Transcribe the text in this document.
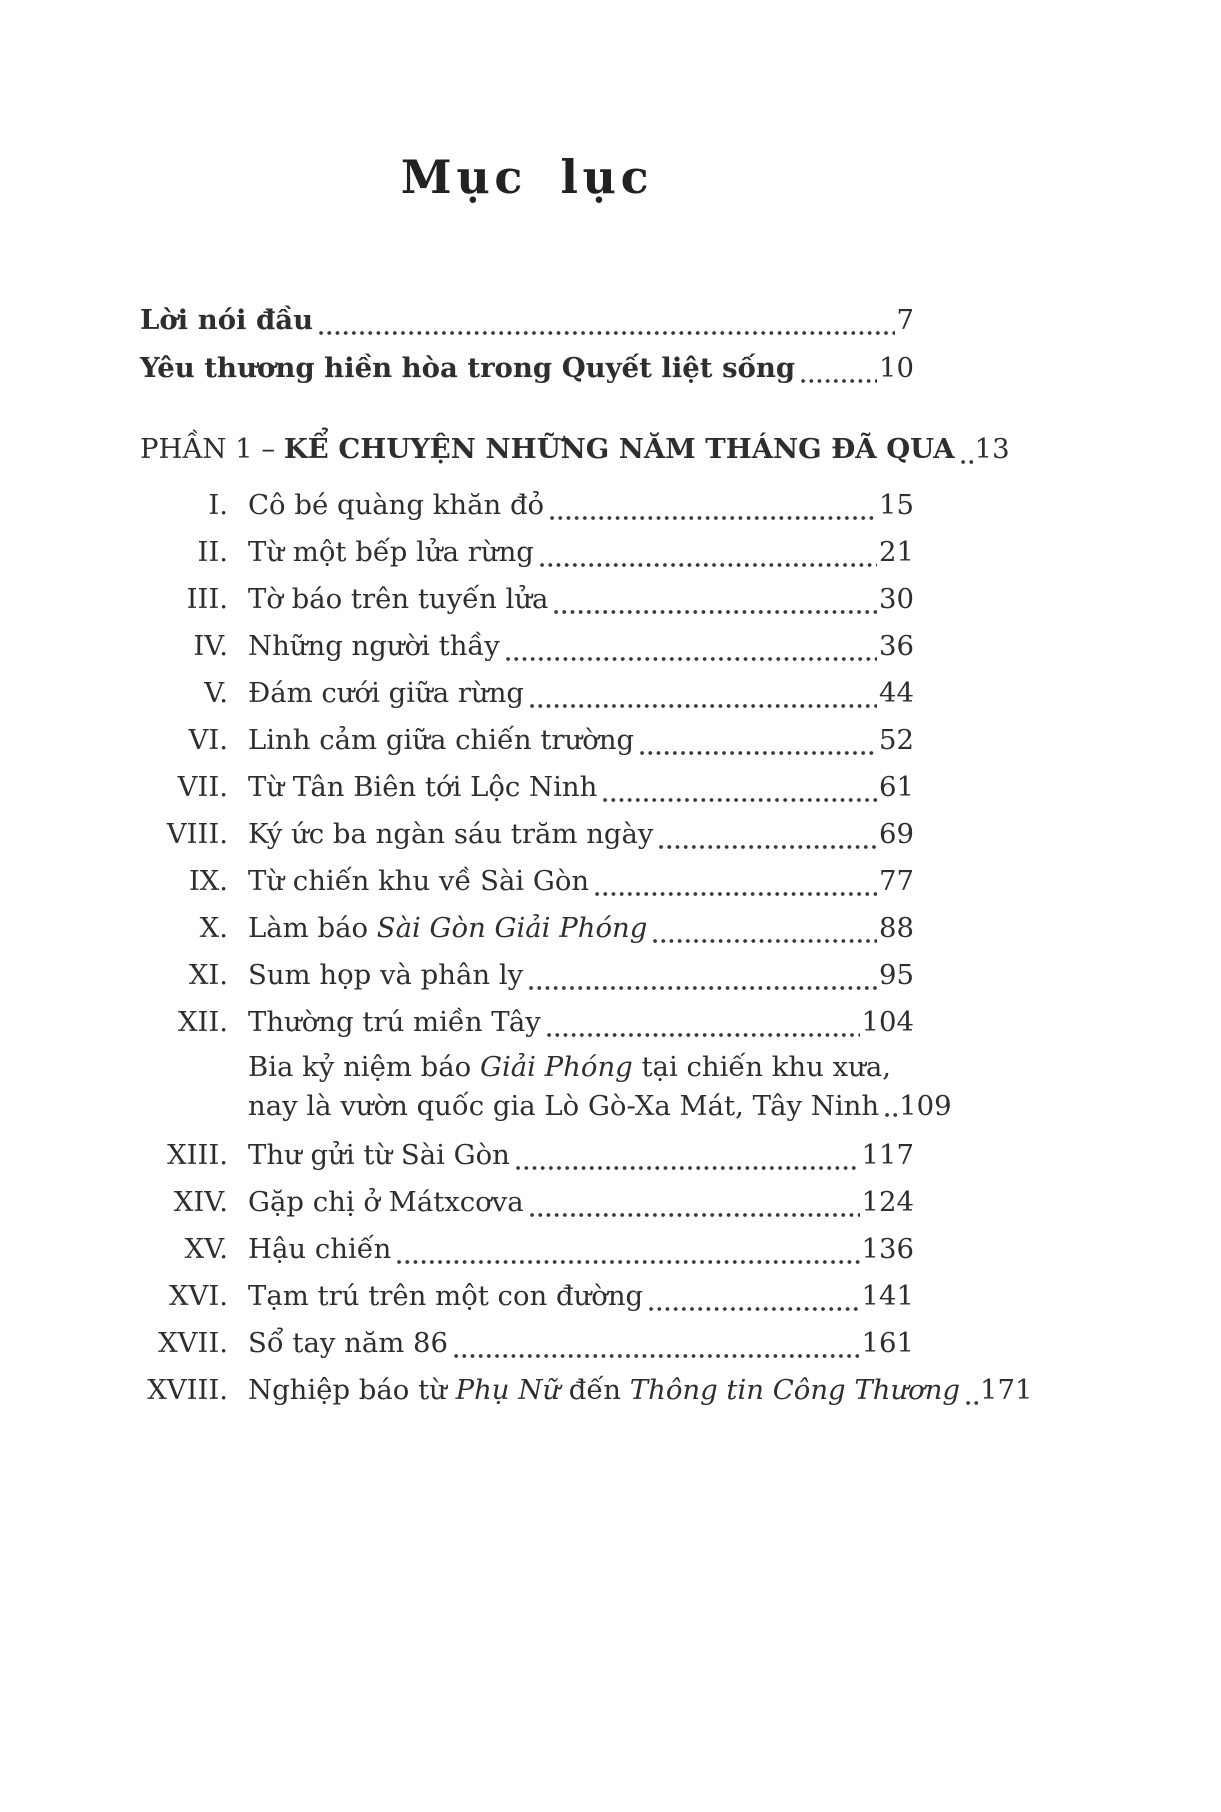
Mục lục
Lời nói đầu	7
Yêu thương hiền hòa trong Quyết liệt sống	10
PHẦN 1 – KỂ CHUYỆN NHỮNG NĂM THÁNG ĐÃ QUA 13
I. Cô bé quàng khăn đỏ	15
II. Từ một bếp lửa rừng	21
III. Tờ báo trên tuyến lửa	30
IV. Những người thầy	36
V. Đám cưới giữa rừng	44
VI. Linh cảm giữa chiến trường	52
VII. Từ Tân Biên tới Lộc Ninh	61
VIII. Ký ức ba ngàn sáu trăm ngày	69
IX. Từ chiến khu về Sài Gòn	77
X. Làm báo Sài Gòn Giải Phóng	88
XI. Sum họp và phân ly	95
XII. Thường trú miền Tây	104
Bia kỷ niệm báo Giải Phóng tại chiến khu xưa,
nay là vườn quốc gia Lò Gò-Xa Mát, Tây Ninh 109
XIII. Thư gửi từ Sài Gòn	117
XIV. Gặp chị ở Mátxcơva	124
XV. Hậu chiến	136
XVI. Tạm trú trên một con đường	141
XVII. Sổ tay năm 86	161
XVIII. Nghiệp báo từ Phụ Nữ đến Thông tin Công Thương 171
